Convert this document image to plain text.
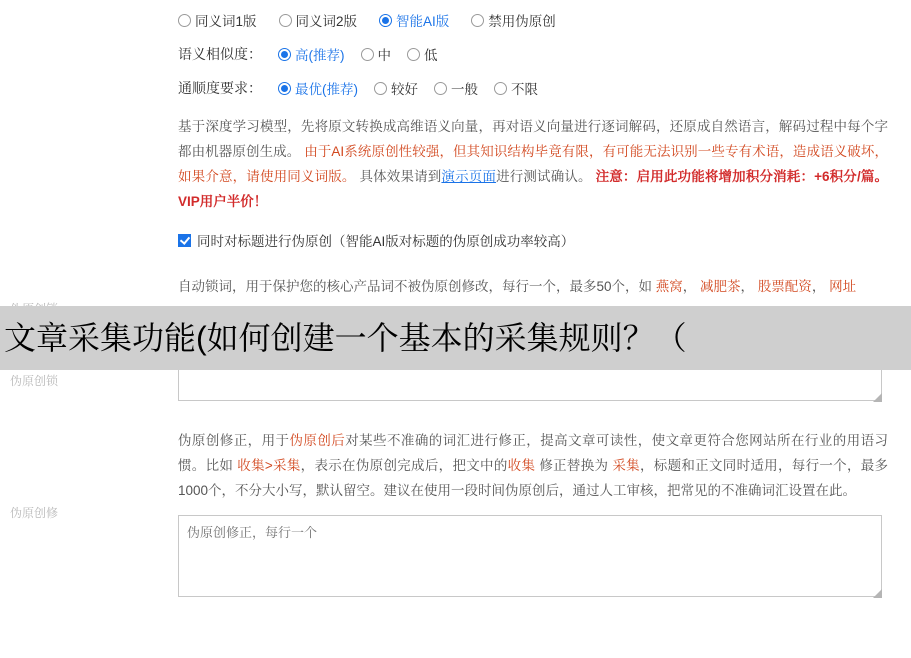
伪原创锁
伪原创修
同义词1版	同义词2版	智能AI版	禁用伪原创
语义相似度： 高(推荐) 中 低
通顺度要求： 最优(推荐) 较好 一般 不限
基于深度学习模型，先将原文转换成高维语义向量，再对语义向量进行逐词解码，还原成自然语言，解码过程中每个字都由机器原创生成。 由于AI系统原创性较强，但其知识结构毕竟有限，有可能无法识别一些专有术语，造成语义破坏，如果介意，请使用同义词版。 具体效果请到演示页面进行测试确认。 注意：启用此功能将增加积分消耗：+6积分/篇。VIP用户半价！
同时对标题进行伪原创（智能AI版对标题的伪原创成功率较高）
自动锁词，用于保护您的核心产品词不被伪原创修改，每行一个，最多50个，如 燕窝， 减肥茶， 股票配资， 网址
伪原创锁定词，每行一个
伪原创修正，用于伪原创后对某些不准确的词汇进行修正，提高文章可读性，使文章更符合您网站所在行业的用语习惯。比如 收集>采集，表示在伪原创完成后，把文中的收集 修正替换为 采集，标题和正文同时适用，每行一个，最多1000个，不分大小写，默认留空。建议在使用一段时间伪原创后，通过人工审核，把常见的不准确词汇设置在此。
伪原创修正，每行一个
文章采集功能(如何创建一个基本的采集规则？（
